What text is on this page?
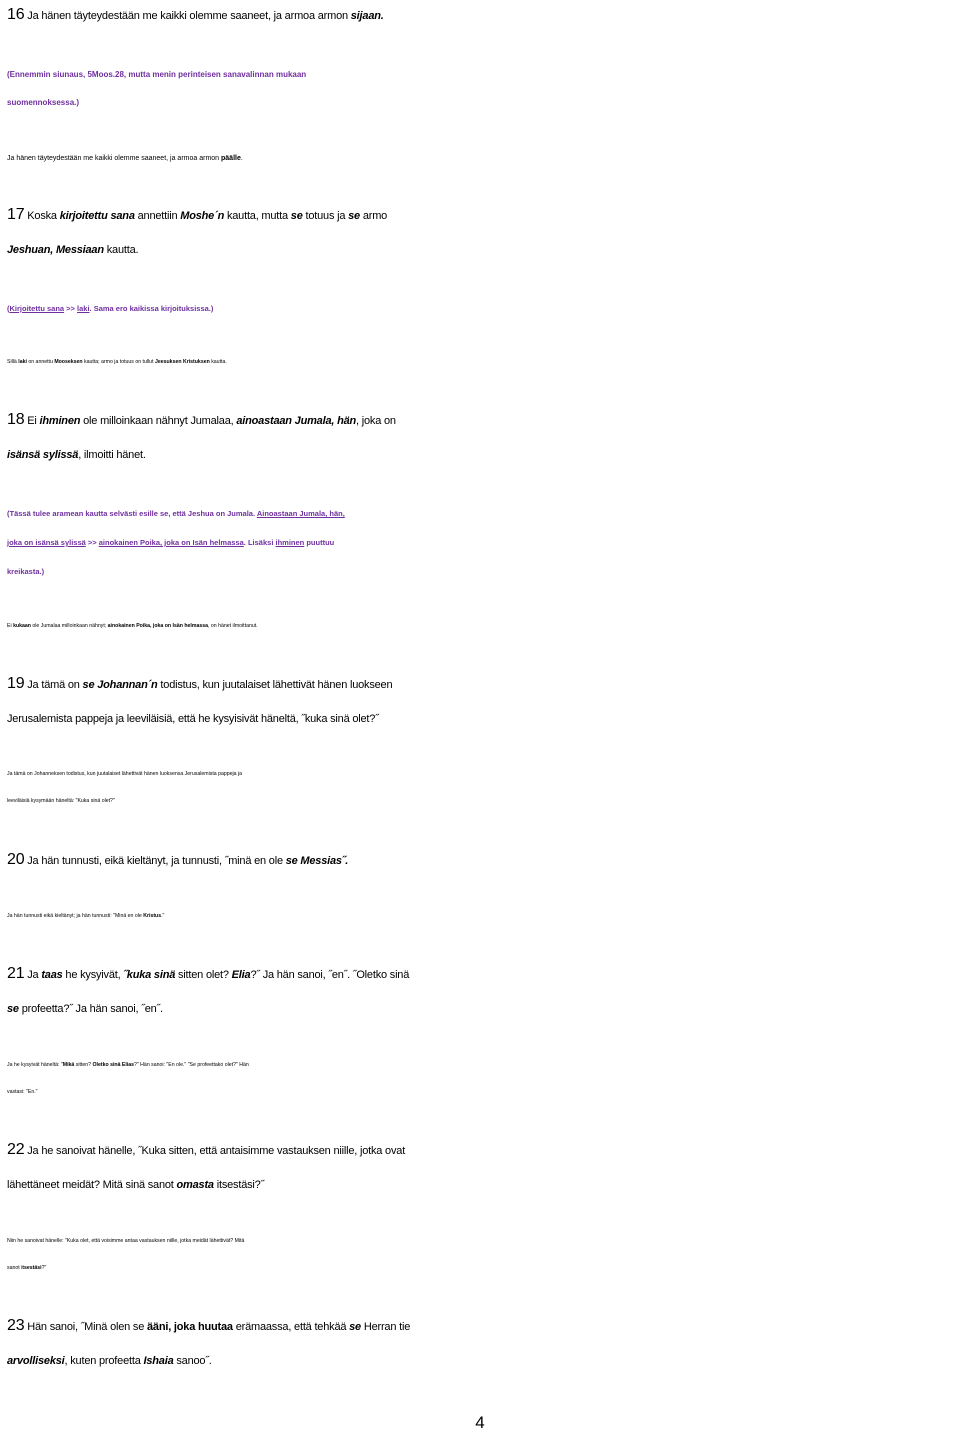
16 Ja hänen täyteydestään me kaikki olemme saaneet, ja armoa armon sijaan.

(Ennemmin siunaus, 5Moos.28, mutta menin perinteisen sanavalinnan mukaan
suomennoksessa.)

Ja hänen täyteydestään me kaikki olemme saaneet, ja armoa armon päälle.

17 Koska kirjoitettu sana annettiin Moshe´n kautta, mutta se totuus ja se armo
Jeshuan, Messiaan kautta.

(Kirjoitettu sana >> laki. Sama ero kaikissa kirjoituksissa.)

Sillä laki on annettu Mooseksen kautta; armo ja totuus on tullut Jeesuksen Kristuksen kautta.

18 Ei ihminen ole milloinkaan nähnyt Jumalaa, ainoastaan Jumala, hän, joka on
isänsä sylissä, ilmoitti hänet.

(Tässä tulee aramean kautta selvästi esille se, että Jeshua on Jumala. Ainoastaan Jumala, hän,
joka on isänsä sylissä >> ainokainen Poika, joka on Isän helmassa. Lisäksi ihminen puuttuu
kreikasta.)

Ei kukaan ole Jumalaa milloinkaan nähnyt; ainokainen Poika, joka on Isän helmassa, on hänet ilmoittanut.

19 Ja tämä on se Johannan´n todistus, kun juutalaiset lähettivät hänen luokseen
Jerusalemista pappeja ja leeviläisiä, että he kysyisivät häneltä, ˝kuka sinä olet?˝

Ja tämä on Johanneksen todistus, kun juutalaiset lähettivät hänen luoksensa Jerusalemista pappeja ja
leeviläisiä kysymään häneltä: "Kuka sinä olet?"

20 Ja hän tunnusti, eikä kieltänyt, ja tunnusti, ˝minä en ole se Messias˝.

Ja hän tunnusti eikä kieltänyt; ja hän tunnusti: "Minä en ole Kristus."

21 Ja taas he kysyivät, ˝kuka sinä sitten olet? Elia?˝ Ja hän sanoi, ˝en˝. ˝Oletko sinä
se profeetta?˝ Ja hän sanoi, ˝en˝.

Ja he kysyivät häneltä: "Mikä sitten? Oletko sinä Elias?" Hän sanoi: "En ole." "Se profeettako olet?" Hän
vastasi: "En."

22 Ja he sanoivat hänelle, ˝Kuka sitten, että antaisimme vastauksen niille, jotka ovat
lähettäneet meidät? Mitä sinä sanot omasta itsestäsi?˝

Niin he sanoivat hänelle: "Kuka olet, että voisimme antaa vastauksen niille, jotka meidät lähettivät? Mitä
sanot itsestäsi?"

23 Hän sanoi, ˝Minä olen se ääni, joka huutaa erämaassa, että tehkää se Herran tie
arvolliseksi, kuten profeetta Ishaia sanoo˝.

4
